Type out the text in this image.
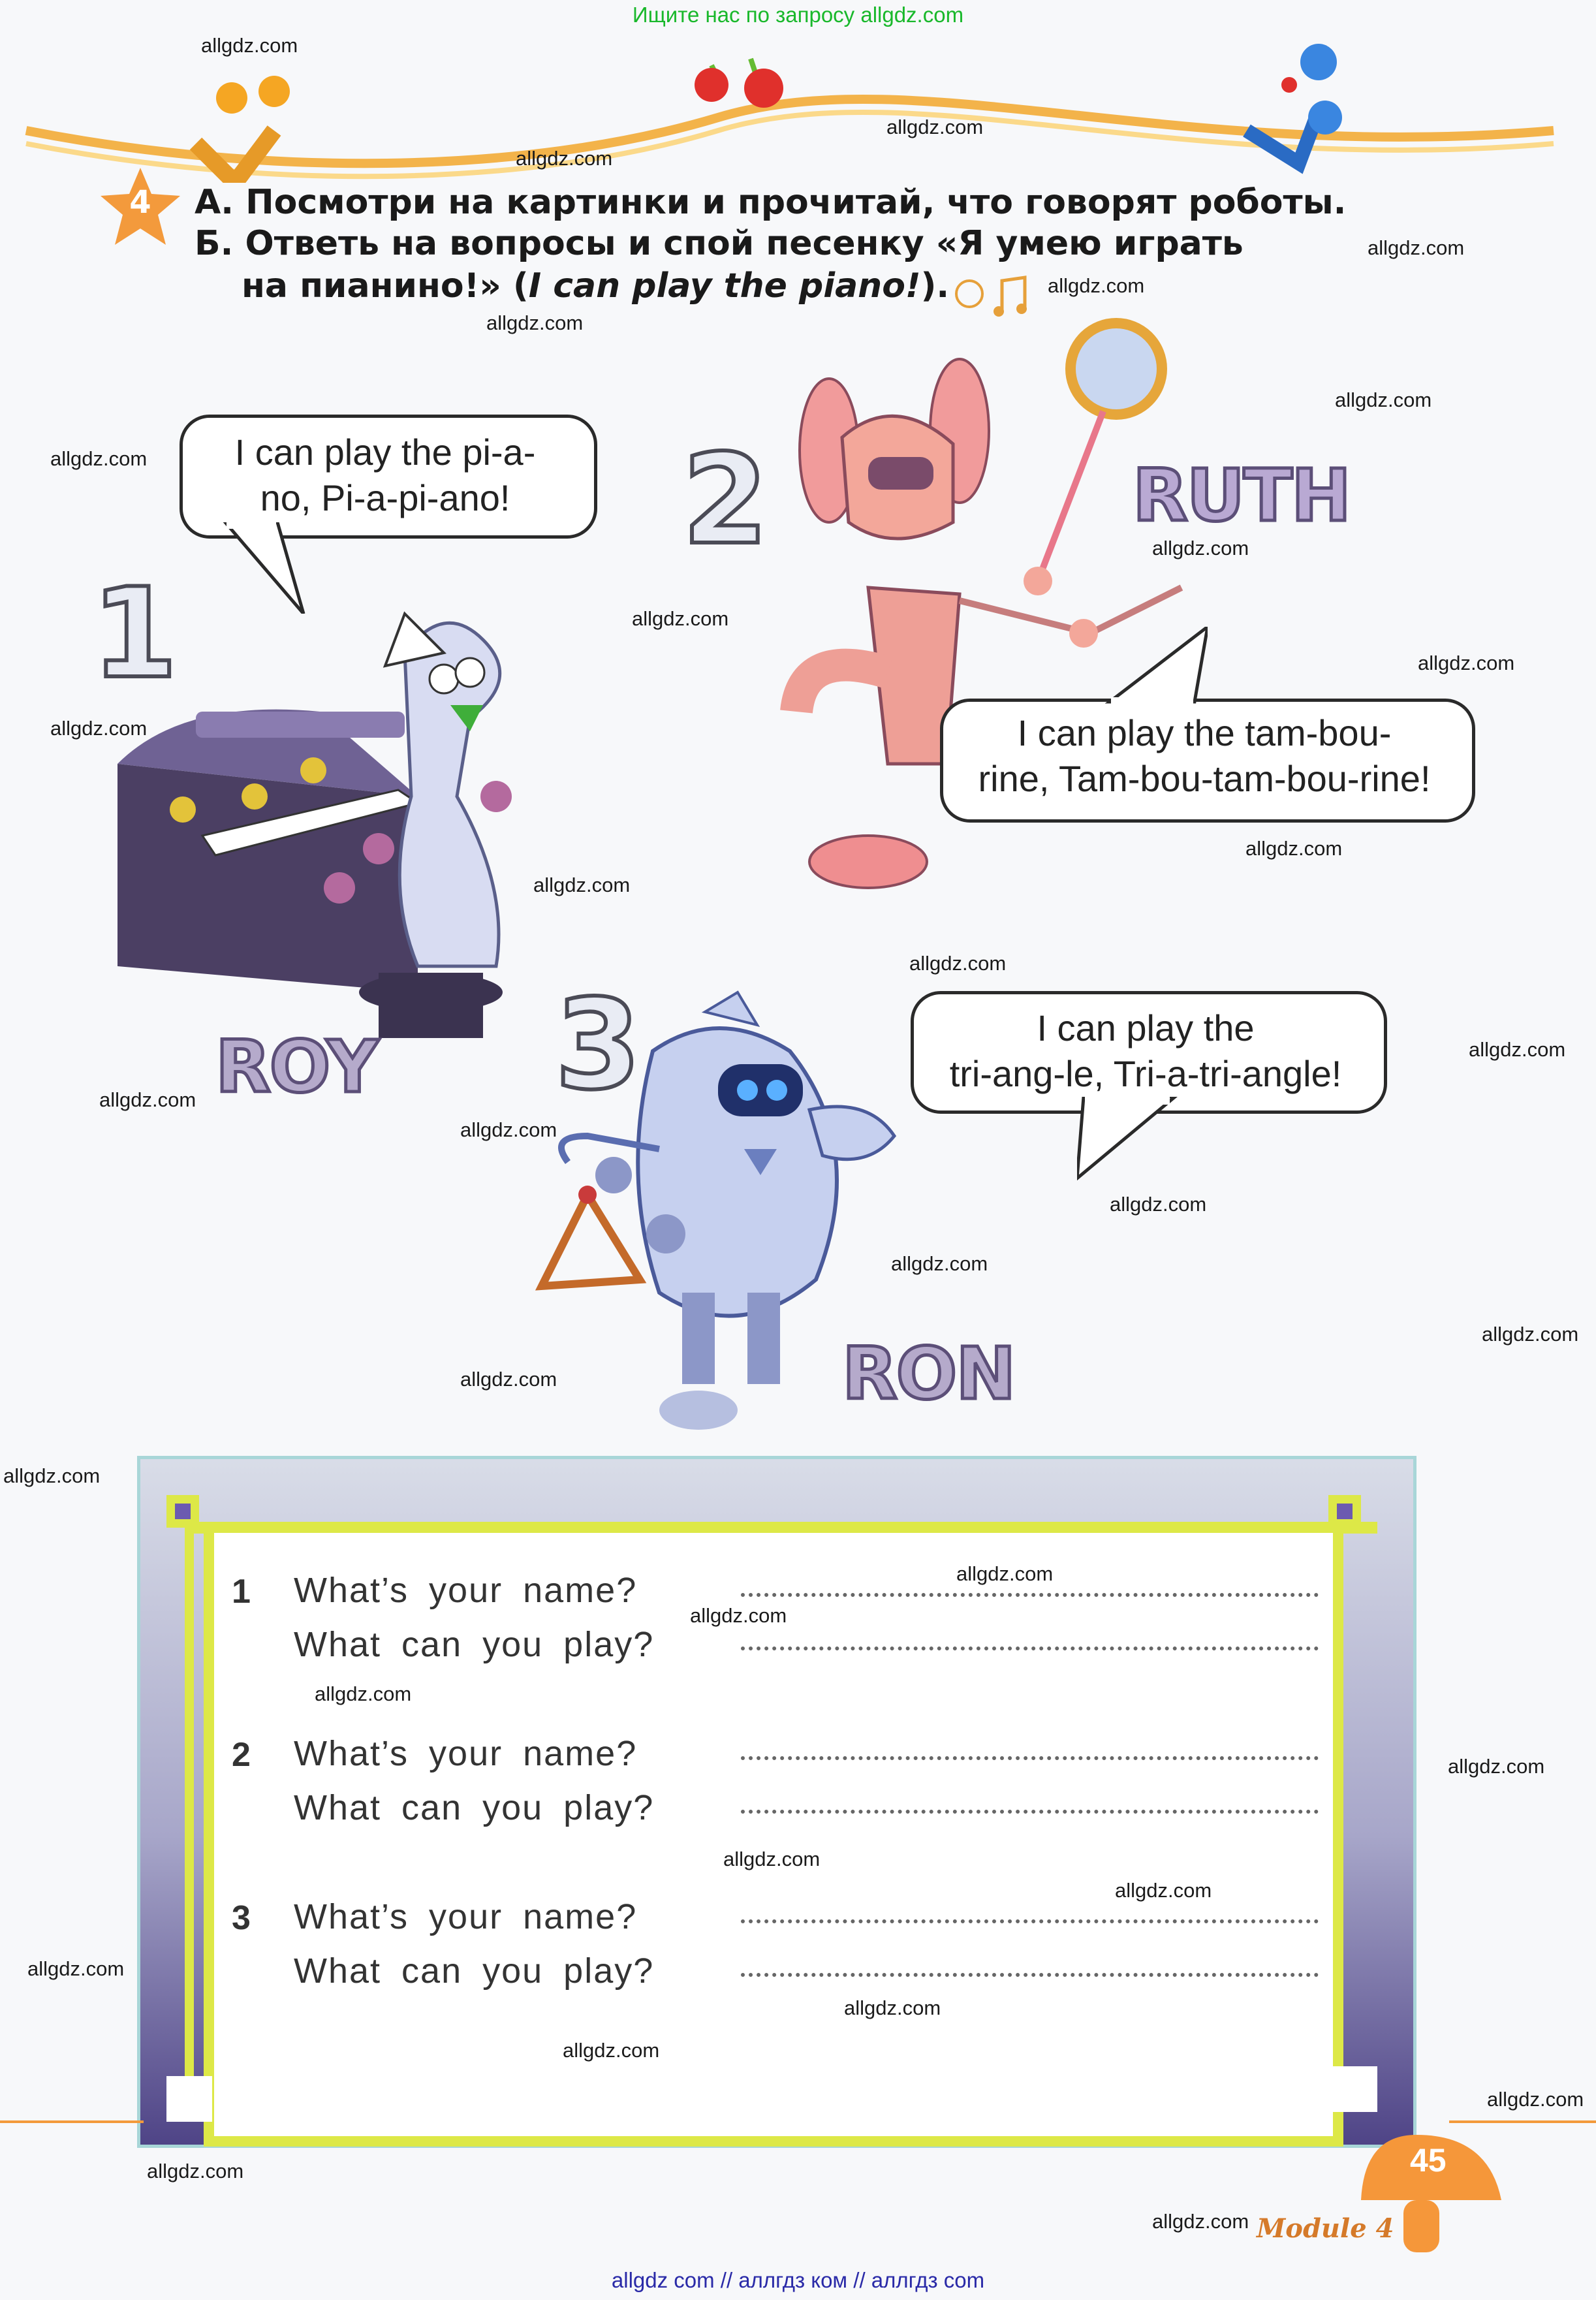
Ищите нас по запросу allgdz.com
allgdz com // аллгдз ком // аллгдз com
4	А. Посмотри на картинки и прочитай, что говорят роботы.
Б. Ответь на вопросы и спой песенку «Я умею играть
на пианино!» (I can play the piano!).
1
I can play the pi-a-
no, Pi-a-pi-ano!
ROY
2	RUTH
I can play the tam-bou-
rine, Tam-bou-tam-bou-rine!
3	I can play the
tri-ang-le, Tri-a-tri-angle!
RON
1 What’s your name?
What can you play?
2 What’s your name?
What can you play?
3 What’s your name?
What can you play?
45
Module 4
allgdz.com
allgdz.com
allgdz.com
allgdz.com
allgdz.com
allgdz.com
allgdz.com
allgdz.com
allgdz.com
allgdz.com
allgdz.com
allgdz.com
allgdz.com
allgdz.com
allgdz.com
allgdz.com
allgdz.com
allgdz.com
allgdz.com
allgdz.com
allgdz.com
allgdz.com
allgdz.com
allgdz.com
allgdz.com
allgdz.com
allgdz.com
allgdz.com
allgdz.com
allgdz.com
allgdz.com
allgdz.com
allgdz.com
allgdz.com
allgdz.com
